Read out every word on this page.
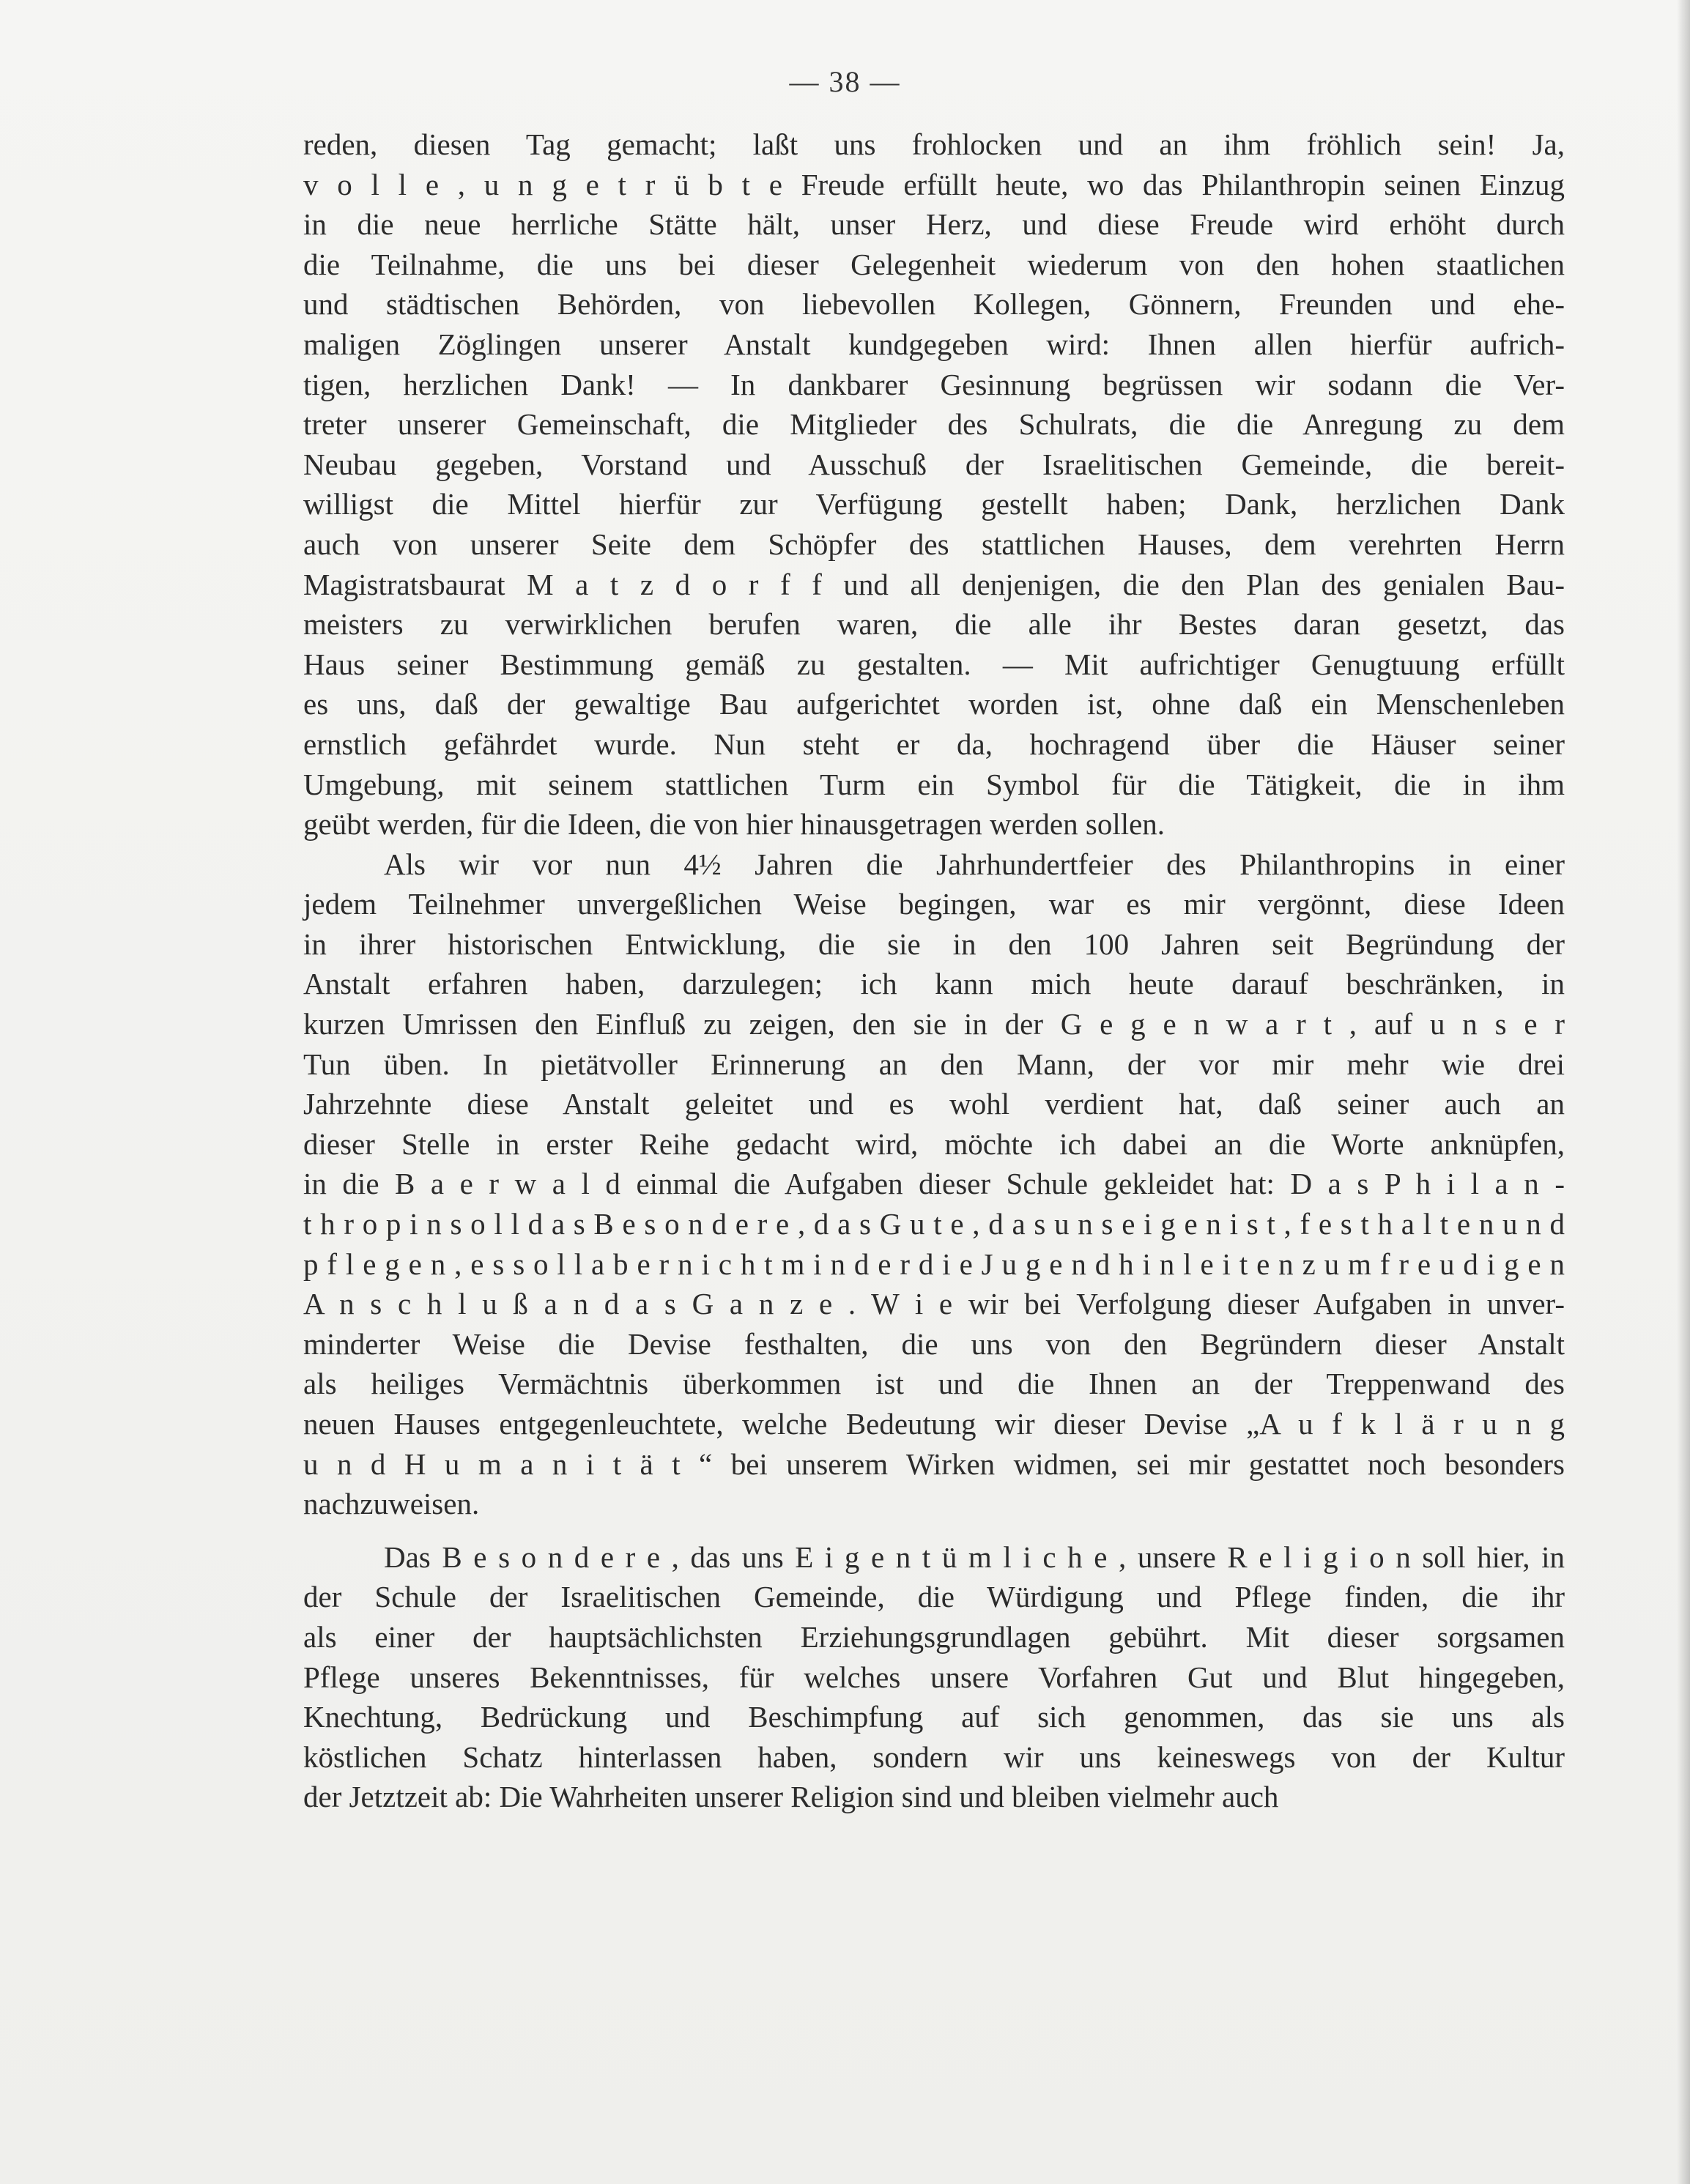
— 38 —
reden, diesen Tag gemacht; laßt uns frohlocken und an ihm fröhlich sein! Ja,
v o l l e , u n g e t r ü b t e Freude erfüllt heute, wo das Philanthropin seinen Einzug
in die neue herrliche Stätte hält, unser Herz, und diese Freude wird erhöht durch
die Teilnahme, die uns bei dieser Gelegenheit wiederum von den hohen staatlichen
und städtischen Behörden, von liebevollen Kollegen, Gönnern, Freunden und ehe-
maligen Zöglingen unserer Anstalt kundgegeben wird: Ihnen allen hierfür aufrich-
tigen, herzlichen Dank! — In dankbarer Gesinnung begrüssen wir sodann die Ver-
treter unserer Gemeinschaft, die Mitglieder des Schulrats, die die Anregung zu dem
Neubau gegeben, Vorstand und Ausschuß der Israelitischen Gemeinde, die bereit-
willigst die Mittel hierfür zur Verfügung gestellt haben; Dank, herzlichen Dank
auch von unserer Seite dem Schöpfer des stattlichen Hauses, dem verehrten Herrn
Magistratsbaurat M a t z d o r f f und all denjenigen, die den Plan des genialen Bau-
meisters zu verwirklichen berufen waren, die alle ihr Bestes daran gesetzt, das
Haus seiner Bestimmung gemäß zu gestalten. — Mit aufrichtiger Genugtuung erfüllt
es uns, daß der gewaltige Bau aufgerichtet worden ist, ohne daß ein Menschenleben
ernstlich gefährdet wurde. Nun steht er da, hochragend über die Häuser seiner
Umgebung, mit seinem stattlichen Turm ein Symbol für die Tätigkeit, die in ihm
geübt werden, für die Ideen, die von hier hinausgetragen werden sollen.
Als wir vor nun 4½ Jahren die Jahrhundertfeier des Philanthropins in einer
jedem Teilnehmer unvergeßlichen Weise begingen, war es mir vergönnt, diese Ideen
in ihrer historischen Entwicklung, die sie in den 100 Jahren seit Begründung der
Anstalt erfahren haben, darzulegen; ich kann mich heute darauf beschränken, in
kurzen Umrissen den Einfluß zu zeigen, den sie in der G e g e n w a r t , auf u n s e r
Tun üben. In pietätvoller Erinnerung an den Mann, der vor mir mehr wie drei
Jahrzehnte diese Anstalt geleitet und es wohl verdient hat, daß seiner auch an
dieser Stelle in erster Reihe gedacht wird, möchte ich dabei an die Worte anknüpfen,
in die B a e r w a l d einmal die Aufgaben dieser Schule gekleidet hat: D a s P h i l a n -
t h r o p i n s o l l d a s B e s o n d e r e , d a s G u t e , d a s u n s e i g e n i s t , f e s t h a l t e n u n d
p f l e g e n , e s s o l l a b e r n i c h t m i n d e r d i e J u g e n d h i n l e i t e n z u m f r e u d i g e n
A n s c h l u ß a n d a s G a n z e . W i e wir bei Verfolgung dieser Aufgaben in unver-
minderter Weise die Devise festhalten, die uns von den Begründern dieser Anstalt
als heiliges Vermächtnis überkommen ist und die Ihnen an der Treppenwand des
neuen Hauses entgegenleuchtete, welche Bedeutung wir dieser Devise „A u f k l ä r u n g
u n d H u m a n i t ä t “ bei unserem Wirken widmen, sei mir gestattet noch besonders
nachzuweisen.
Das B e s o n d e r e , das uns E i g e n t ü m l i c h e , unsere R e l i g i o n soll hier, in
der Schule der Israelitischen Gemeinde, die Würdigung und Pflege finden, die ihr
als einer der hauptsächlichsten Erziehungsgrundlagen gebührt. Mit dieser sorgsamen
Pflege unseres Bekenntnisses, für welches unsere Vorfahren Gut und Blut hingegeben,
Knechtung, Bedrückung und Beschimpfung auf sich genommen, das sie uns als
köstlichen Schatz hinterlassen haben, sondern wir uns keineswegs von der Kultur
der Jetztzeit ab: Die Wahrheiten unserer Religion sind und bleiben vielmehr auch
